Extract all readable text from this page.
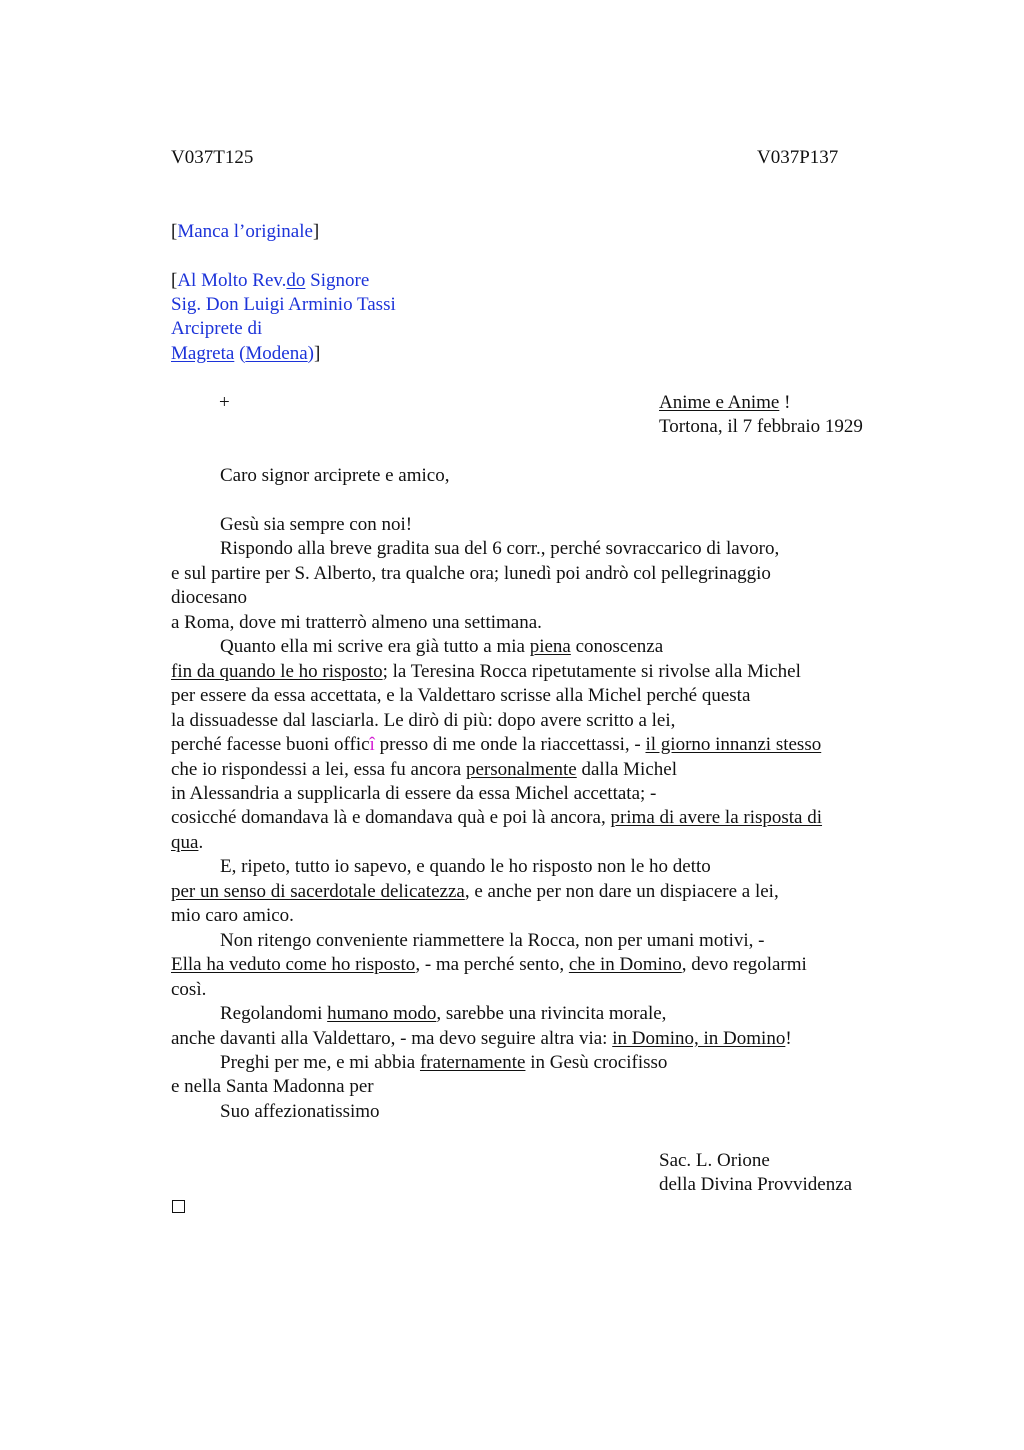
V037T125	V037P137
[Manca l’originale]
[Al Molto Rev.do Signore
Sig. Don Luigi Arminio Tassi
Arciprete di
Magreta (Modena)]
+	Anime e Anime !
Tortona, il 7 febbraio 1929
Caro signor arciprete e amico,
Gesù sia sempre con noi!
Rispondo alla breve gradita sua del 6 corr., perché sovraccarico di lavoro,
e sul partire per S. Alberto, tra qualche ora; lunedì poi andrò col pellegrinaggio
diocesano
a Roma, dove mi tratterrò almeno una settimana.
Quanto ella mi scrive era già tutto a mia piena conoscenza
fin da quando le ho risposto; la Teresina Rocca ripetutamente si rivolse alla Michel
per essere da essa accettata, e la Valdettaro scrisse alla Michel perché questa
la dissuadesse dal lasciarla. Le dirò di più: dopo avere scritto a lei,
perché facesse buoni officî presso di me onde la riaccettassi, - il giorno innanzi stesso
che io rispondessi a lei, essa fu ancora personalmente dalla Michel
in Alessandria a supplicarla di essere da essa Michel accettata; -
cosicché domandava là e domandava quà e poi là ancora, prima di avere la risposta di
qua.
E, ripeto, tutto io sapevo, e quando le ho risposto non le ho detto
per un senso di sacerdotale delicatezza, e anche per non dare un dispiacere a lei,
mio caro amico.
Non ritengo conveniente riammettere la Rocca, non per umani motivi, -
Ella ha veduto come ho risposto, - ma perché sento, che in Domino, devo regolarmi
così.
Regolandomi humano modo, sarebbe una rivincita morale,
anche davanti alla Valdettaro, - ma devo seguire altra via: in Domino, in Domino!
Preghi per me, e mi abbia fraternamente in Gesù crocifisso
e nella Santa Madonna per
Suo affezionatissimo
Sac. L. Orione
della Divina Provvidenza
